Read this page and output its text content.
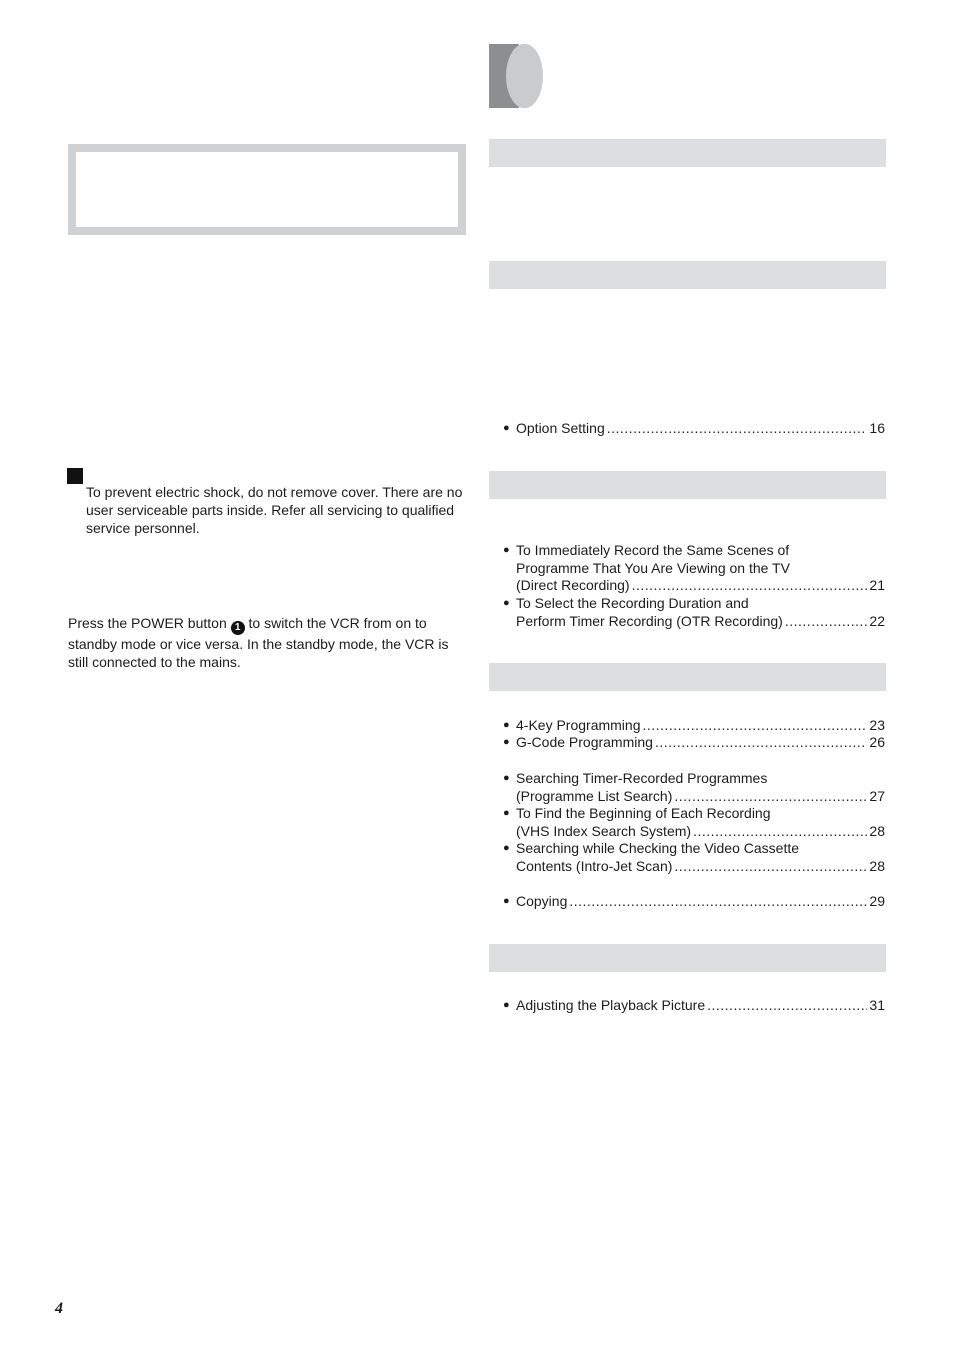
To prevent electric shock, do not remove cover. There are no user serviceable parts inside. Refer all servicing to qualified service personnel.
Press the POWER button 1 to switch the VCR from on to standby mode or vice versa. In the standby mode, the VCR is still connected to the mains.
4
● Option Setting .....	16
● To Immediately Record the Same Scenes of
Programme That You Are Viewing on the TV
(Direct Recording) .....	21
● To Select the Recording Duration and
Perform Timer Recording (OTR Recording) .....	22
● 4-Key Programming .....	23
● G-Code Programming .....	26
● Searching Timer-Recorded Programmes
(Programme List Search) .....	27
● To Find the Beginning of Each Recording
(VHS Index Search System) .....	28
● Searching while Checking the Video Cassette
Contents (Intro-Jet Scan) .....	28
● Copying .....	29
● Adjusting the Playback Picture .....	31
